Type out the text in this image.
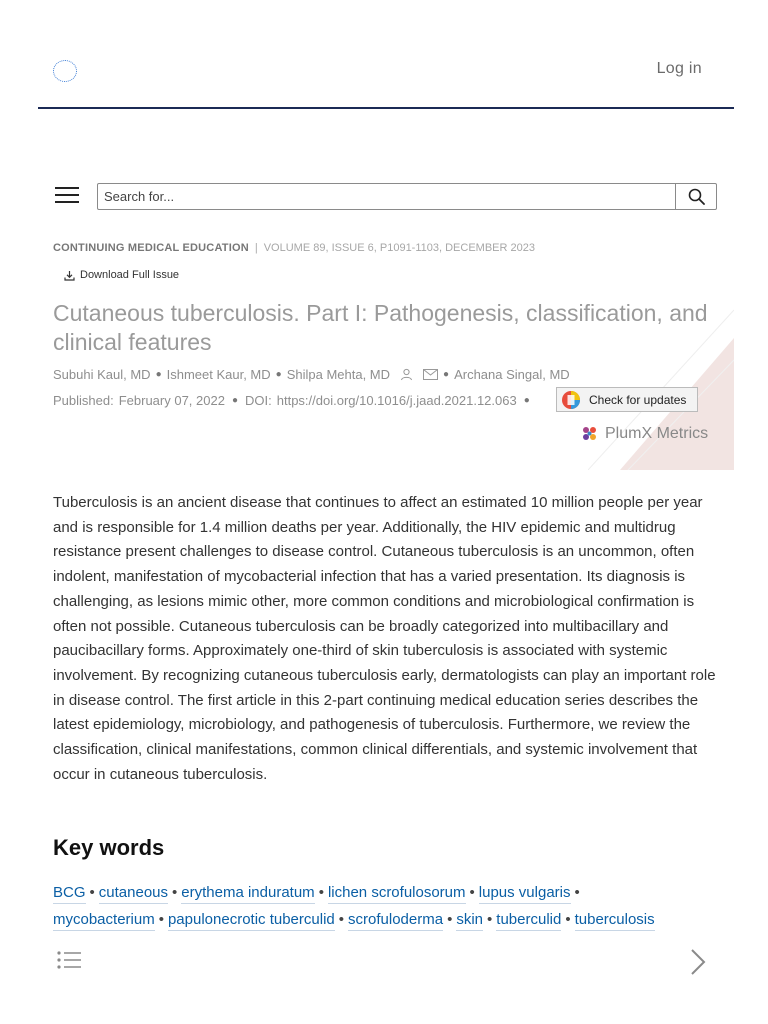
Log in
Search for...
CONTINUING MEDICAL EDUCATION | VOLUME 89, ISSUE 6, P1091-1103, DECEMBER 2023
Download Full Issue
Cutaneous tuberculosis. Part I: Pathogenesis, classification, and clinical features
Subuhi Kaul, MD ● Ishmeet Kaur, MD ● Shilpa Mehta, MD	● Archana Singal, MD
Published: February 07, 2022 ● DOI: https://doi.org/10.1016/j.jaad.2021.12.063 ●	Check for updates
PlumX Metrics

Tuberculosis is an ancient disease that continues to affect an estimated 10 million people per year and is responsible for 1.4 million deaths per year. Additionally, the HIV epidemic and multidrug resistance present challenges to disease control. Cutaneous tuberculosis is an uncommon, often indolent, manifestation of mycobacterial infection that has a varied presentation. Its diagnosis is challenging, as lesions mimic other, more common conditions and microbiological confirmation is often not possible. Cutaneous tuberculosis can be broadly categorized into multibacillary and paucibacillary forms. Approximately one-third of skin tuberculosis is associated with systemic involvement. By recognizing cutaneous tuberculosis early, dermatologists can play an important role in disease control. The first article in this 2-part continuing medical education series describes the latest epidemiology, microbiology, and pathogenesis of tuberculosis. Furthermore, we review the classification, clinical manifestations, common clinical differentials, and systemic involvement that occur in cutaneous tuberculosis.

Key words
BCG • cutaneous • erythema induratum • lichen scrofulosorum • lupus vulgaris •
mycobacterium • papulonecrotic tuberculid • scrofuloderma • skin • tuberculid • tuberculosis
